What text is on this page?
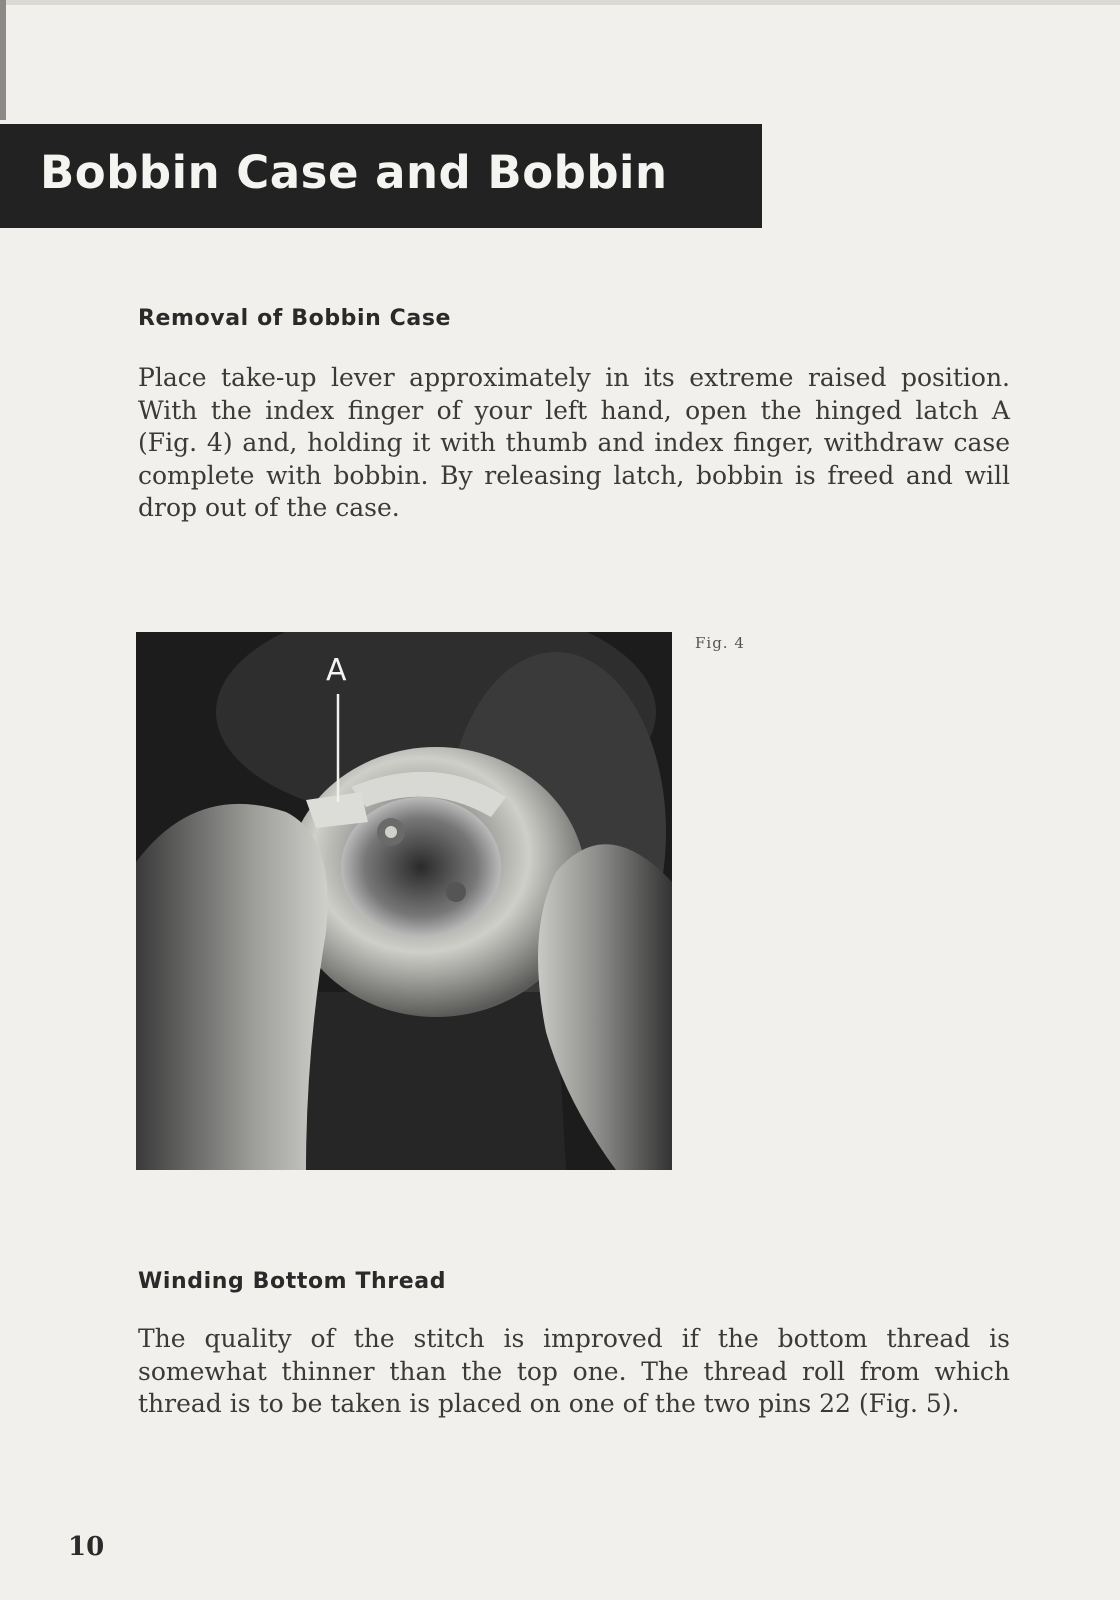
Bobbin Case and Bobbin
Removal of Bobbin Case

Place take-up lever approximately in its extreme raised position. With the index finger of your left hand, open the hinged latch A (Fig. 4) and, holding it with thumb and index finger, withdraw case complete with bobbin. By releasing latch, bobbin is freed and will drop out of the case.

A
Fig. 4
Winding Bottom Thread

The quality of the stitch is improved if the bottom thread is somewhat thinner than the top one. The thread roll from which thread is to be taken is placed on one of the two pins 22 (Fig. 5).

10
